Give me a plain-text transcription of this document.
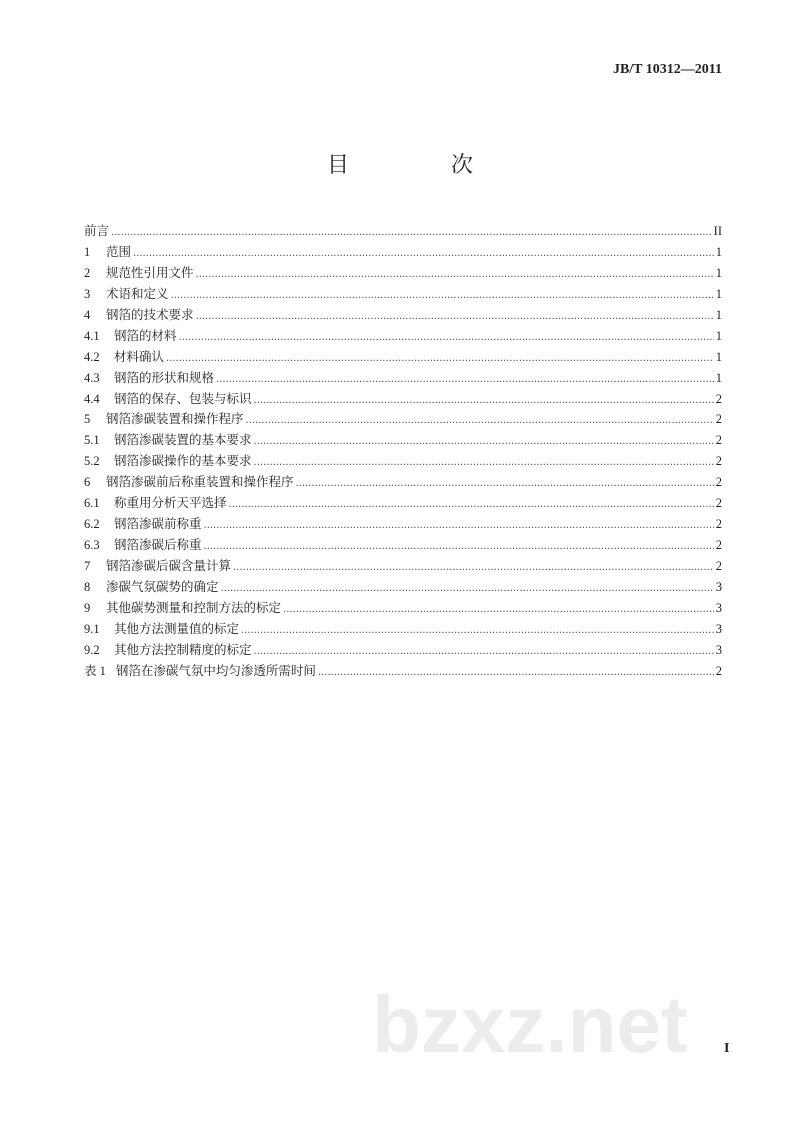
JB/T 10312—2011
目　次
前言 .....	II
1	范围 .....	1
2	规范性引用文件 .....	1
3	术语和定义 .....	1
4	钢箔的技术要求 .....	1
4.1	钢箔的材料 .....	1
4.2	材料确认 .....	1
4.3	钢箔的形状和规格 .....	1
4.4	钢箔的保存、包装与标识 .....	2
5	钢箔渗碳装置和操作程序 .....	2
5.1	钢箔渗碳装置的基本要求 .....	2
5.2	钢箔渗碳操作的基本要求 .....	2
6	钢箔渗碳前后称重装置和操作程序 .....	2
6.1	称重用分析天平选择 .....	2
6.2	钢箔渗碳前称重 .....	2
6.3	钢箔渗碳后称重 .....	2
7	钢箔渗碳后碳含量计算 .....	2
8	渗碳气氛碳势的确定 .....	3
9	其他碳势测量和控制方法的标定 .....	3
9.1	其他方法测量值的标定 .....	3
9.2	其他方法控制精度的标定 .....	3
表 1 钢箔在渗碳气氛中均匀渗透所需时间 .....	2
bzxz.net	I
